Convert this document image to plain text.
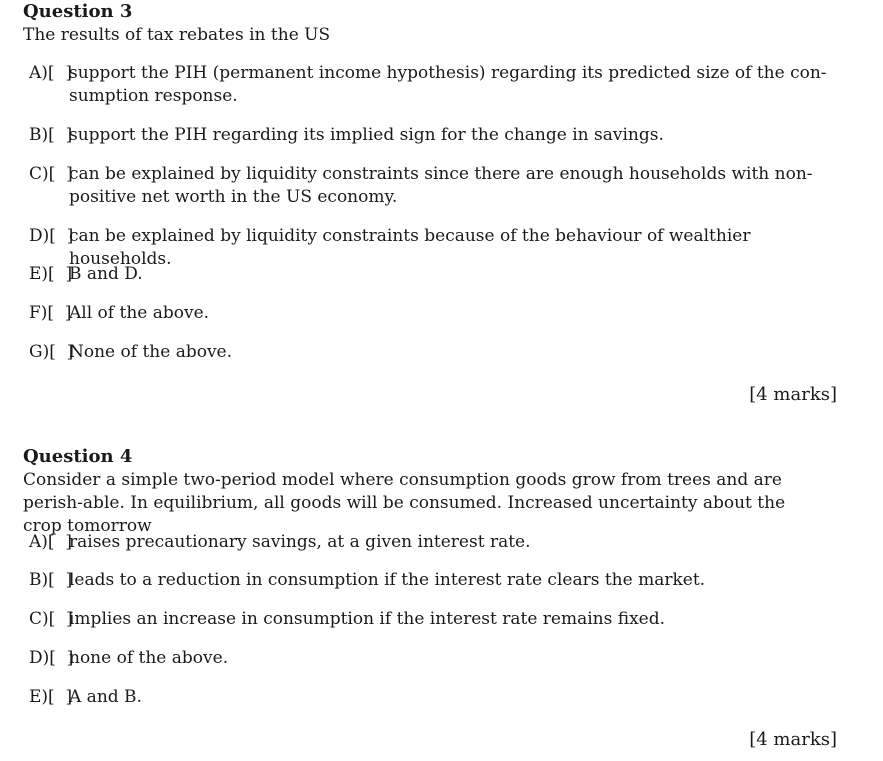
Question 3
The results of tax rebates in the US
A)[  ]
support the PIH (permanent income hypothesis) regarding its predicted size of the con-sumption response.
B)[  ]
support the PIH regarding its implied sign for the change in savings.
C)[  ]
can be explained by liquidity constraints since there are enough households with non-positive net worth in the US economy.
D)[  ]
can be explained by liquidity constraints because of the behaviour of wealthier households.
E)[  ]
B and D.
F)[  ]
All of the above.
G)[  ]
None of the above.
[4 marks]
Question 4
Consider a simple two-period model where consumption goods grow from trees and are perish-able. In equilibrium, all goods will be consumed. Increased uncertainty about the crop tomorrow
A)[  ]
raises precautionary savings, at a given interest rate.
B)[  ]
leads to a reduction in consumption if the interest rate clears the market.
C)[  ]
implies an increase in consumption if the interest rate remains fixed.
D)[  ]
none of the above.
E)[  ]
A and B.
[4 marks]
